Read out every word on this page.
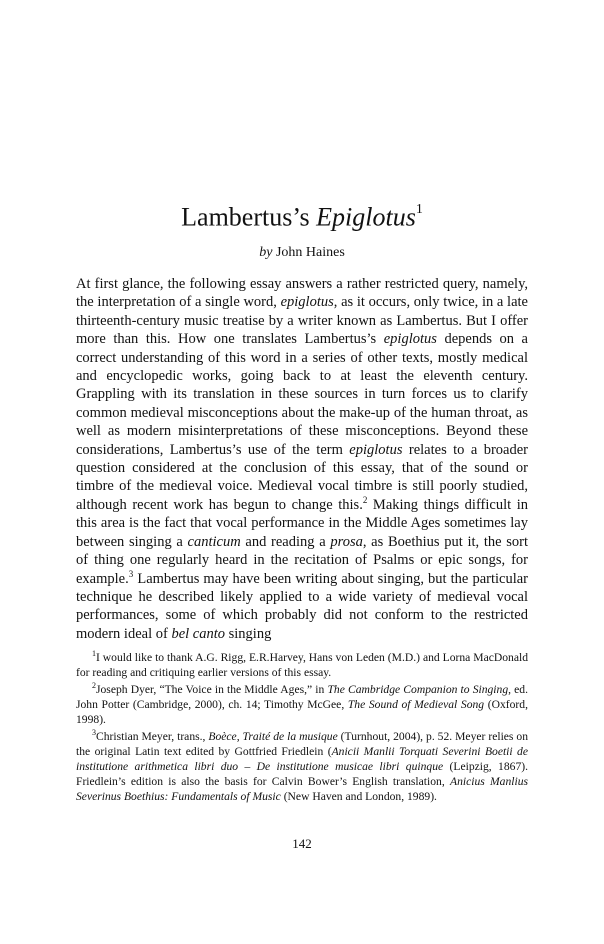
Lambertus’s Epiglotus$^1$
by John Haines

At first glance, the following essay answers a rather restricted query, namely, the interpretation of a single word, epiglotus, as it occurs, only twice, in a late thirteenth-century music treatise by a writer known as Lambertus. But I offer more than this. How one translates Lambertus’s epiglotus depends on a correct understanding of this word in a series of other texts, mostly medical and encyclopedic works, going back to at least the eleventh century. Grappling with its translation in these sources in turn forces us to clarify common medieval misconceptions about the make-up of the human throat, as well as modern misinterpretations of these misconceptions. Beyond these considerations, Lambertus’s use of the term epiglotus relates to a broader question considered at the conclusion of this essay, that of the sound or timbre of the medieval voice. Medieval vocal timbre is still poorly studied, although recent work has begun to change this.$^2$ Making things difficult in this area is the fact that vocal performance in the Middle Ages sometimes lay between singing a canticum and reading a prosa, as Boethius put it, the sort of thing one regularly heard in the recitation of Psalms or epic songs, for example.$^3$ Lambertus may have been writing about singing, but the particular technique he described likely applied to a wide variety of medieval vocal performances, some of which probably did not conform to the restricted modern ideal of bel canto singing

$^1$I would like to thank A.G. Rigg, E.R.Harvey, Hans von Leden (M.D.) and Lorna MacDonald for reading and critiquing earlier versions of this essay.

$^2$Joseph Dyer, “The Voice in the Middle Ages,” in The Cambridge Companion to Singing, ed. John Potter (Cambridge, 2000), ch. 14; Timothy McGee, The Sound of Medieval Song (Oxford, 1998).

$^3$Christian Meyer, trans., Boèce, Traité de la musique (Turnhout, 2004), p. 52. Meyer relies on the original Latin text edited by Gottfried Friedlein (Anicii Manlii Torquati Severini Boetii de institutione arithmetica libri duo – De institutione musicae libri quinque (Leipzig, 1867). Friedlein’s edition is also the basis for Calvin Bower’s English translation, Anicius Manlius Severinus Boethius: Fundamentals of Music (New Haven and London, 1989).

142
